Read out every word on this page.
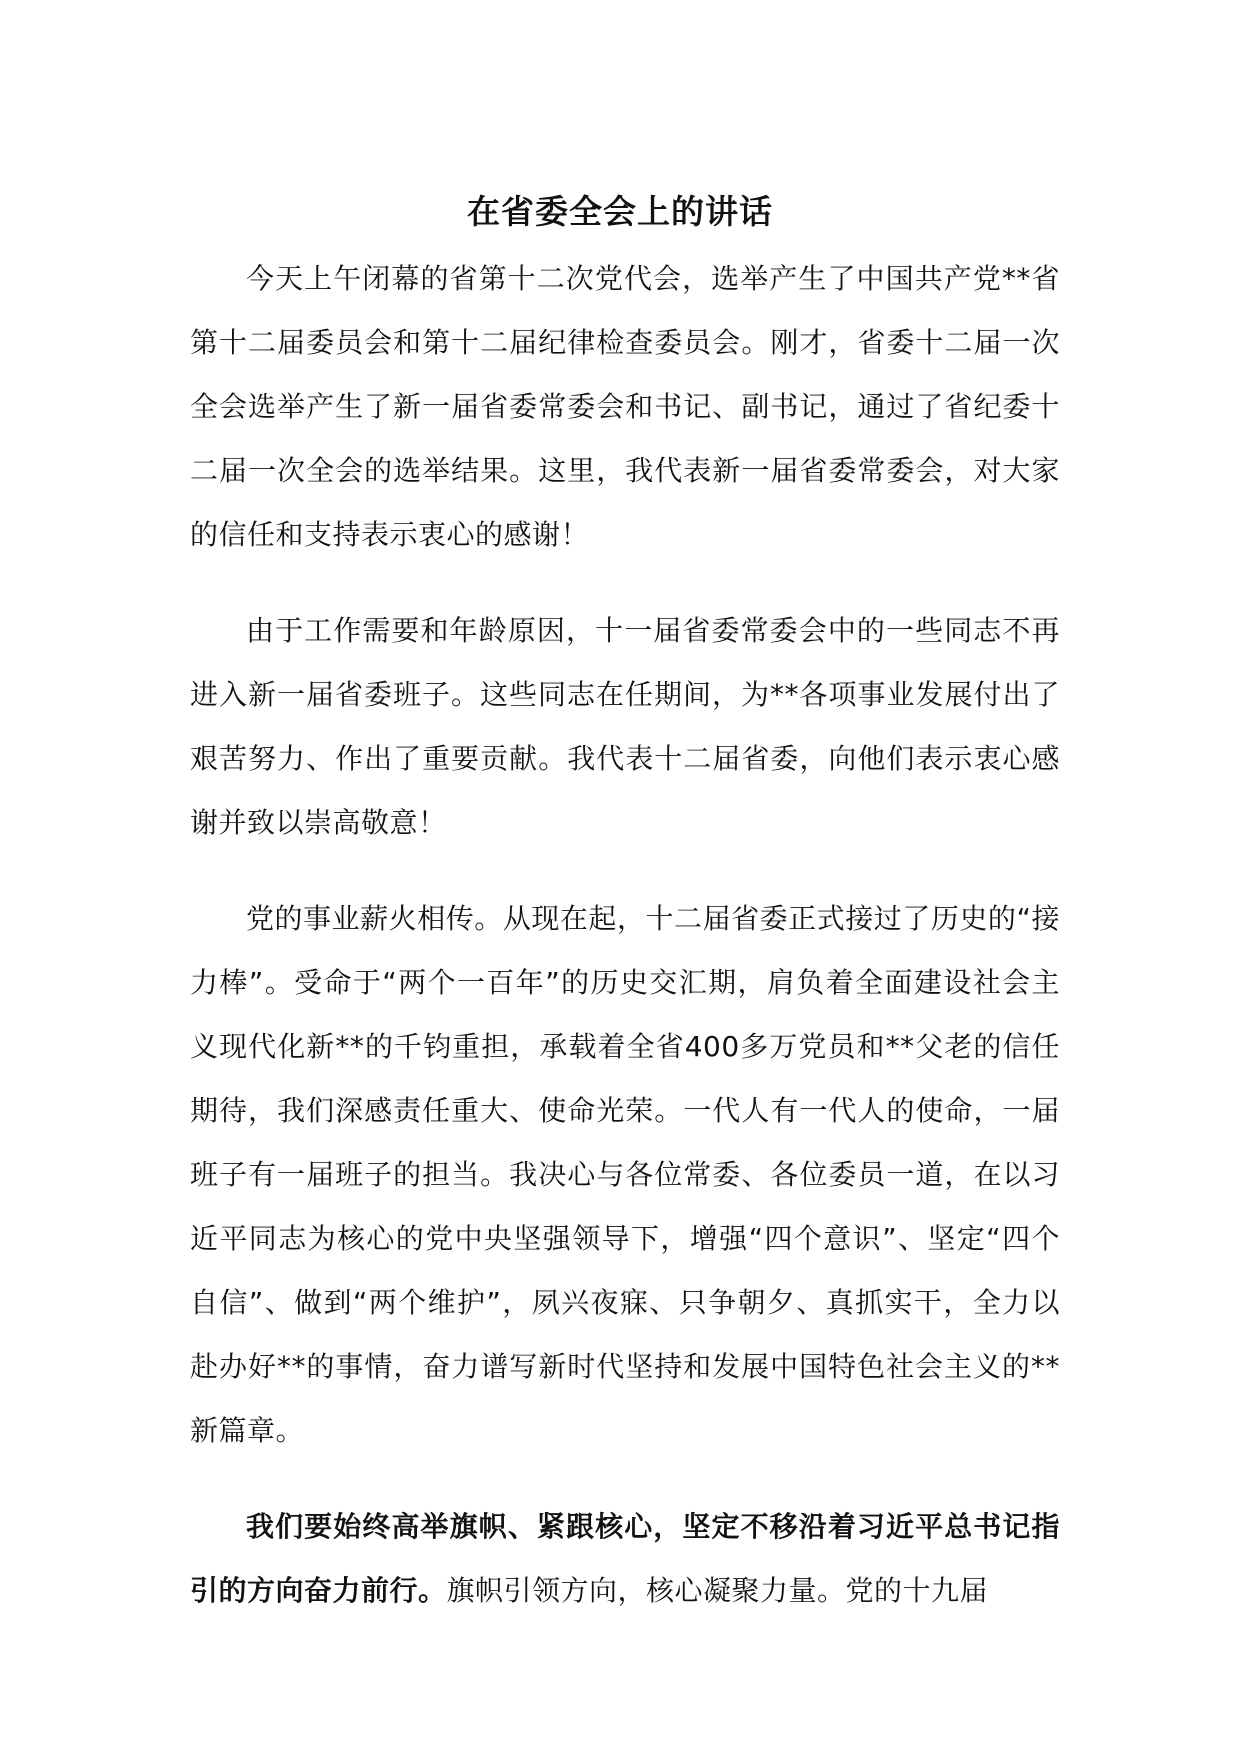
在省委全会上的讲话

今天上午闭幕的省第十二次党代会，选举产生了中国共产党**省第十二届委员会和第十二届纪律检查委员会。刚才，省委十二届一次全会选举产生了新一届省委常委会和书记、副书记，通过了省纪委十二届一次全会的选举结果。这里，我代表新一届省委常委会，对大家的信任和支持表示衷心的感谢！

由于工作需要和年龄原因，十一届省委常委会中的一些同志不再进入新一届省委班子。这些同志在任期间，为**各项事业发展付出了艰苦努力、作出了重要贡献。我代表十二届省委，向他们表示衷心感谢并致以崇高敬意！

党的事业薪火相传。从现在起，十二届省委正式接过了历史的“接力棒”。受命于“两个一百年”的历史交汇期，肩负着全面建设社会主义现代化新**的千钧重担，承载着全省400多万党员和**父老的信任期待，我们深感责任重大、使命光荣。一代人有一代人的使命，一届班子有一届班子的担当。我决心与各位常委、各位委员一道，在以习近平同志为核心的党中央坚强领导下，增强“四个意识”、坚定“四个自信”、做到“两个维护”，夙兴夜寐、只争朝夕、真抓实干，全力以赴办好**的事情，奋力谱写新时代坚持和发展中国特色社会主义的**新篇章。

我们要始终高举旗帜、紧跟核心，坚定不移沿着习近平总书记指引的方向奋力前行。旗帜引领方向，核心凝聚力量。党的十九届
